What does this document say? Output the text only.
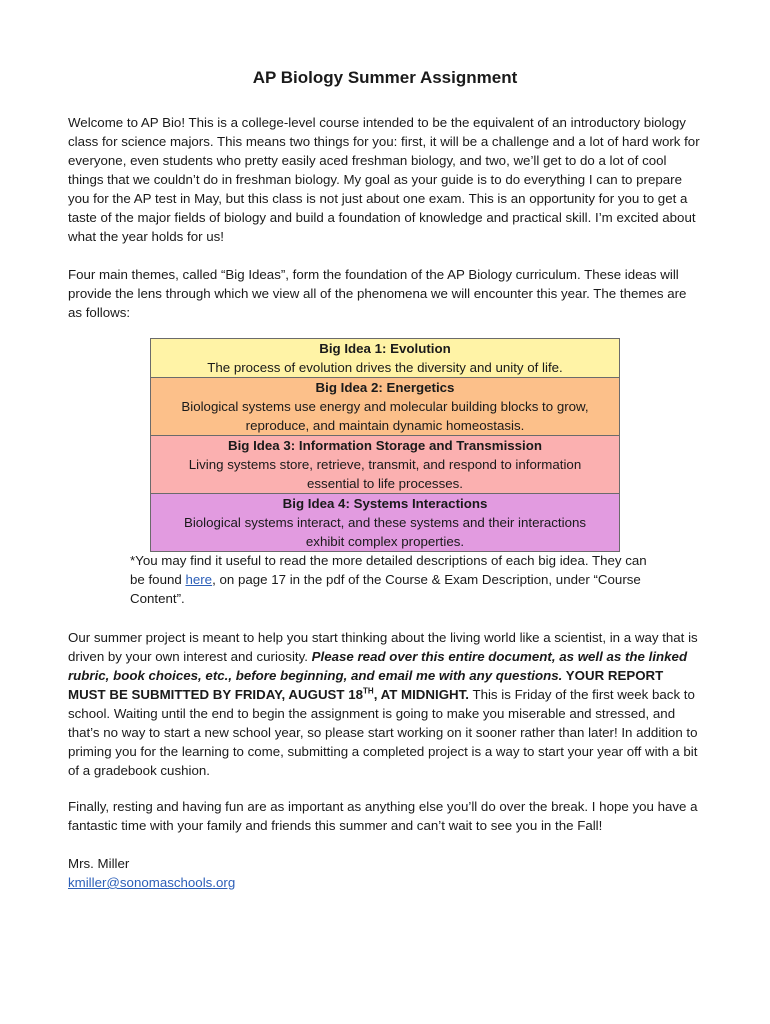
AP Biology Summer Assignment

Welcome to AP Bio! This is a college-level course intended to be the equivalent of an introductory biology class for science majors. This means two things for you: first, it will be a challenge and a lot of hard work for everyone, even students who pretty easily aced freshman biology, and two, we’ll get to do a lot of cool things that we couldn’t do in freshman biology. My goal as your guide is to do everything I can to prepare you for the AP test in May, but this class is not just about one exam. This is an opportunity for you to get a taste of the major fields of biology and build a foundation of knowledge and practical skill. I’m excited about what the year holds for us!

Four main themes, called “Big Ideas”, form the foundation of the AP Biology curriculum. These ideas will provide the lens through which we view all of the phenomena we will encounter this year. The themes are as follows:

Big Idea 1: Evolution
The process of evolution drives the diversity and unity of life.
Big Idea 2: Energetics
Biological systems use energy and molecular building blocks to grow, reproduce, and maintain dynamic homeostasis.
Big Idea 3: Information Storage and Transmission
Living systems store, retrieve, transmit, and respond to information essential to life processes.
Big Idea 4: Systems Interactions
Biological systems interact, and these systems and their interactions exhibit complex properties.
*You may find it useful to read the more detailed descriptions of each big idea. They can be found here, on page 17 in the pdf of the Course & Exam Description, under “Course Content”.

Our summer project is meant to help you start thinking about the living world like a scientist, in a way that is driven by your own interest and curiosity. Please read over this entire document, as well as the linked rubric, book choices, etc., before beginning, and email me with any questions. YOUR REPORT MUST BE SUBMITTED BY FRIDAY, AUGUST 18TH, AT MIDNIGHT. This is Friday of the first week back to school. Waiting until the end to begin the assignment is going to make you miserable and stressed, and that’s no way to start a new school year, so please start working on it sooner rather than later! In addition to priming you for the learning to come, submitting a completed project is a way to start your year off with a bit of a gradebook cushion.

Finally, resting and having fun are as important as anything else you’ll do over the break. I hope you have a fantastic time with your family and friends this summer and can’t wait to see you in the Fall!

Mrs. Miller
kmiller@sonomaschools.org
